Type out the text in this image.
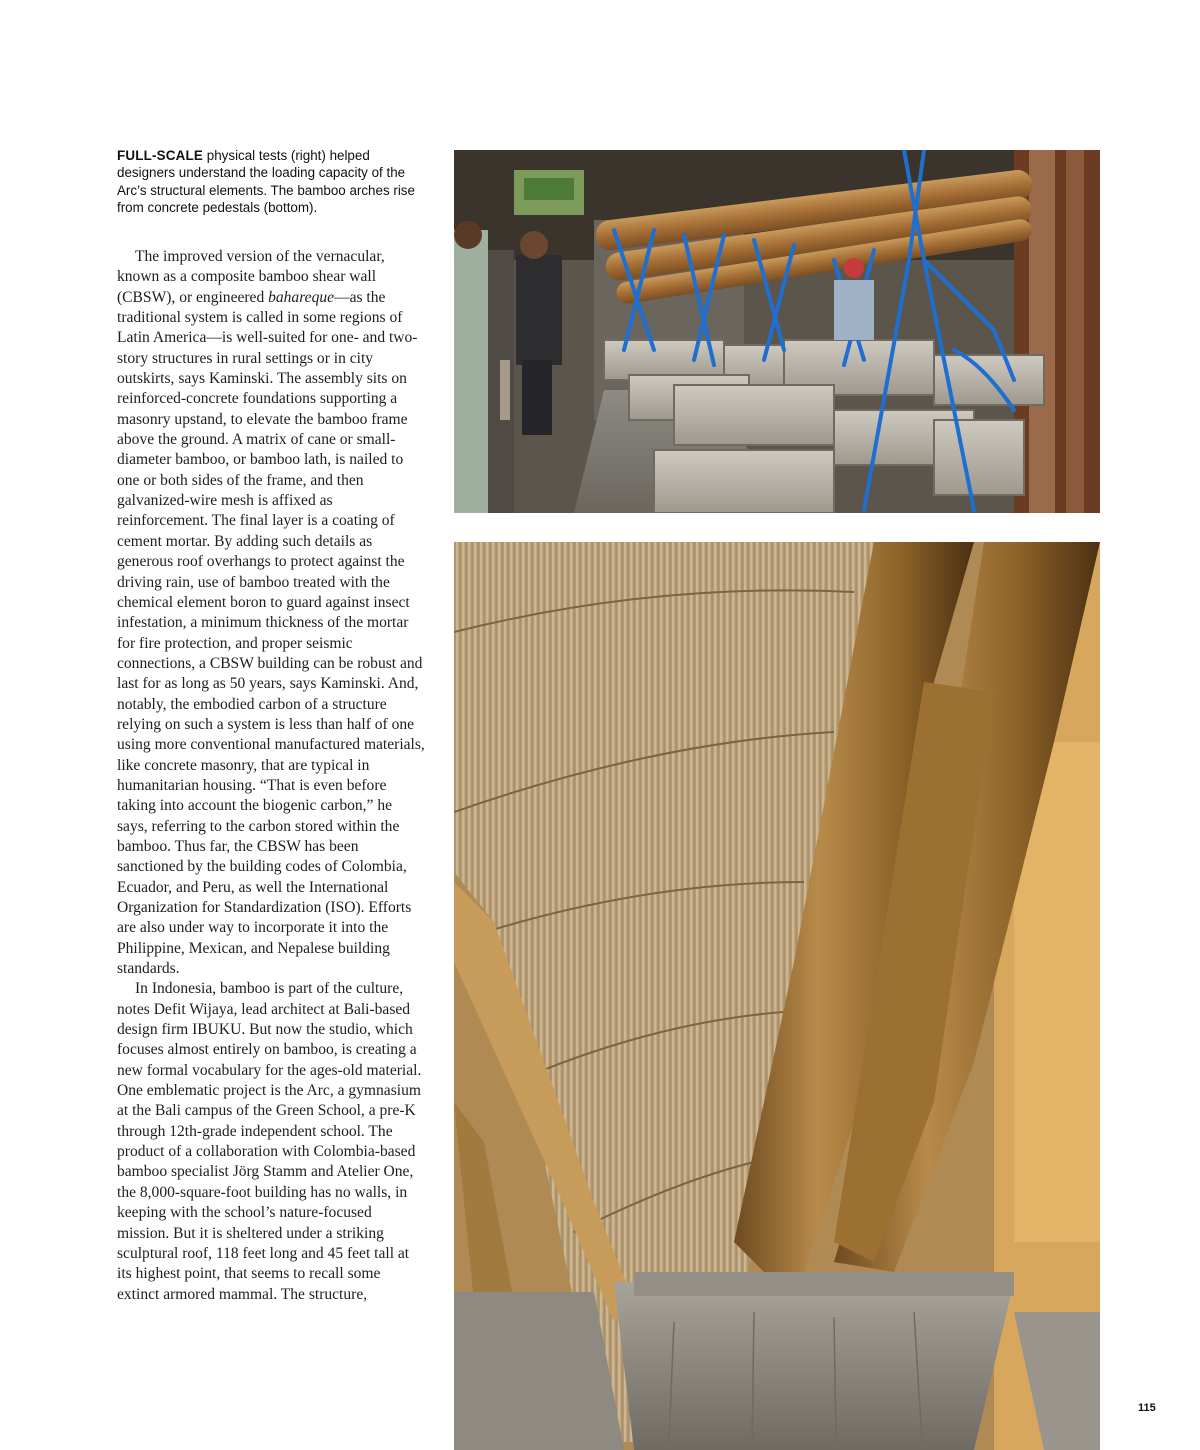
FULL-SCALE physical tests (right) helped designers understand the loading capacity of the Arc’s structural elements. The bamboo arches rise from concrete pedestals (bottom).

The improved version of the vernacular, known as a composite bamboo shear wall (CBSW), or engineered bahareque—as the traditional system is called in some regions of Latin America—is well-suited for one- and two-story structures in rural settings or in city outskirts, says Kaminski. The assembly sits on reinforced-concrete foundations supporting a masonry upstand, to elevate the bamboo frame above the ground. A matrix of cane or small-diameter bamboo, or bamboo lath, is nailed to one or both sides of the frame, and then galvanized-wire mesh is affixed as reinforcement. The final layer is a coating of cement mortar. By adding such details as generous roof overhangs to protect against the driving rain, use of bamboo treated with the chemical element boron to guard against insect infestation, a minimum thickness of the mortar for fire protection, and proper seismic connections, a CBSW building can be robust and last for as long as 50 years, says Kaminski. And, notably, the embodied carbon of a structure relying on such a system is less than half of one using more conventional manufactured materials, like concrete masonry, that are typical in humanitarian housing. “That is even before taking into account the biogenic carbon,” he says, referring to the carbon stored within the bamboo. Thus far, the CBSW has been sanctioned by the building codes of Colombia, Ecuador, and Peru, as well the International Organization for Standardization (ISO). Efforts are also under way to incorporate it into the Philippine, Mexican, and Nepalese building standards.

In Indonesia, bamboo is part of the culture, notes Defit Wijaya, lead architect at Bali-based design firm IBUKU. But now the studio, which focuses almost entirely on bamboo, is creating a new formal vocabulary for the ages-old material. One emblematic project is the Arc, a gymnasium at the Bali campus of the Green School, a pre-K through 12th-grade independent school. The product of a collaboration with Colombia-based bamboo specialist Jörg Stamm and Atelier One, the 8,000-square-foot building has no walls, in keeping with the school’s nature-focused mission. But it is sheltered under a striking sculptural roof, 118 feet long and 45 feet tall at its highest point, that seems to recall some extinct armored mammal. The structure,

115
